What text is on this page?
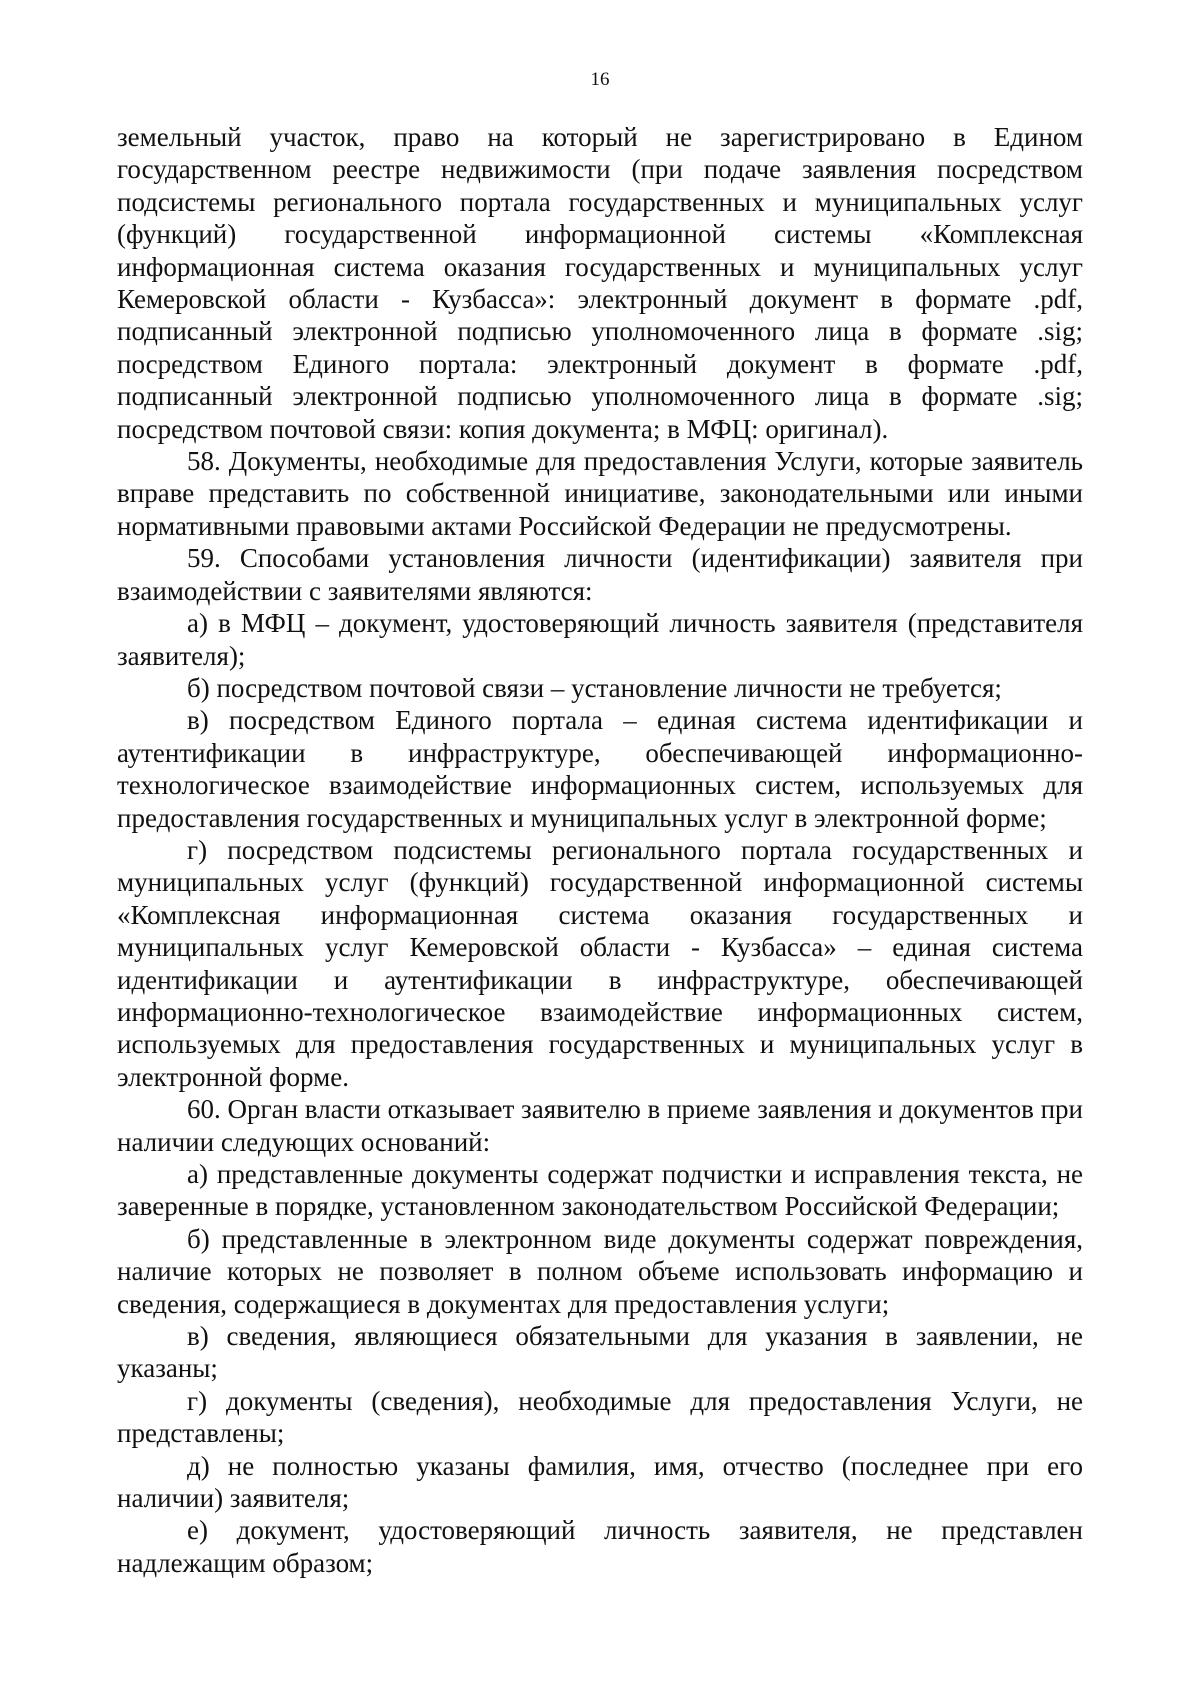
16

земельный участок, право на который не зарегистрировано в Едином государственном реестре недвижимости (при подаче заявления посредством подсистемы регионального портала государственных и муниципальных услуг (функций) государственной информационной системы «Комплексная информационная система оказания государственных и муниципальных услуг Кемеровской области - Кузбасса»: электронный документ в формате .pdf, подписанный электронной подписью уполномоченного лица в формате .sig; посредством Единого портала: электронный документ в формате .pdf, подписанный электронной подписью уполномоченного лица в формате .sig; посредством почтовой связи: копия документа; в МФЦ: оригинал).

58. Документы, необходимые для предоставления Услуги, которые заявитель вправе представить по собственной инициативе, законодательными или иными нормативными правовыми актами Российской Федерации не предусмотрены.

59. Способами установления личности (идентификации) заявителя при взаимодействии с заявителями являются:

а) в МФЦ – документ, удостоверяющий личность заявителя (представителя заявителя);

б) посредством почтовой связи – установление личности не требуется;

в) посредством Единого портала – единая система идентификации и аутентификации в инфраструктуре, обеспечивающей информационно-технологическое взаимодействие информационных систем, используемых для предоставления государственных и муниципальных услуг в электронной форме;

г) посредством подсистемы регионального портала государственных и муниципальных услуг (функций) государственной информационной системы «Комплексная информационная система оказания государственных и муниципальных услуг Кемеровской области - Кузбасса» – единая система идентификации и аутентификации в инфраструктуре, обеспечивающей информационно-технологическое взаимодействие информационных систем, используемых для предоставления государственных и муниципальных услуг в электронной форме.

60. Орган власти отказывает заявителю в приеме заявления и документов при наличии следующих оснований:

а) представленные документы содержат подчистки и исправления текста, не заверенные в порядке, установленном законодательством Российской Федерации;

б) представленные в электронном виде документы содержат повреждения, наличие которых не позволяет в полном объеме использовать информацию и сведения, содержащиеся в документах для предоставления услуги;

в) сведения, являющиеся обязательными для указания в заявлении, не указаны;

г) документы (сведения), необходимые для предоставления Услуги, не представлены;

д) не полностью указаны фамилия, имя, отчество (последнее при его наличии) заявителя;

е) документ, удостоверяющий личность заявителя, не представлен надлежащим образом;
